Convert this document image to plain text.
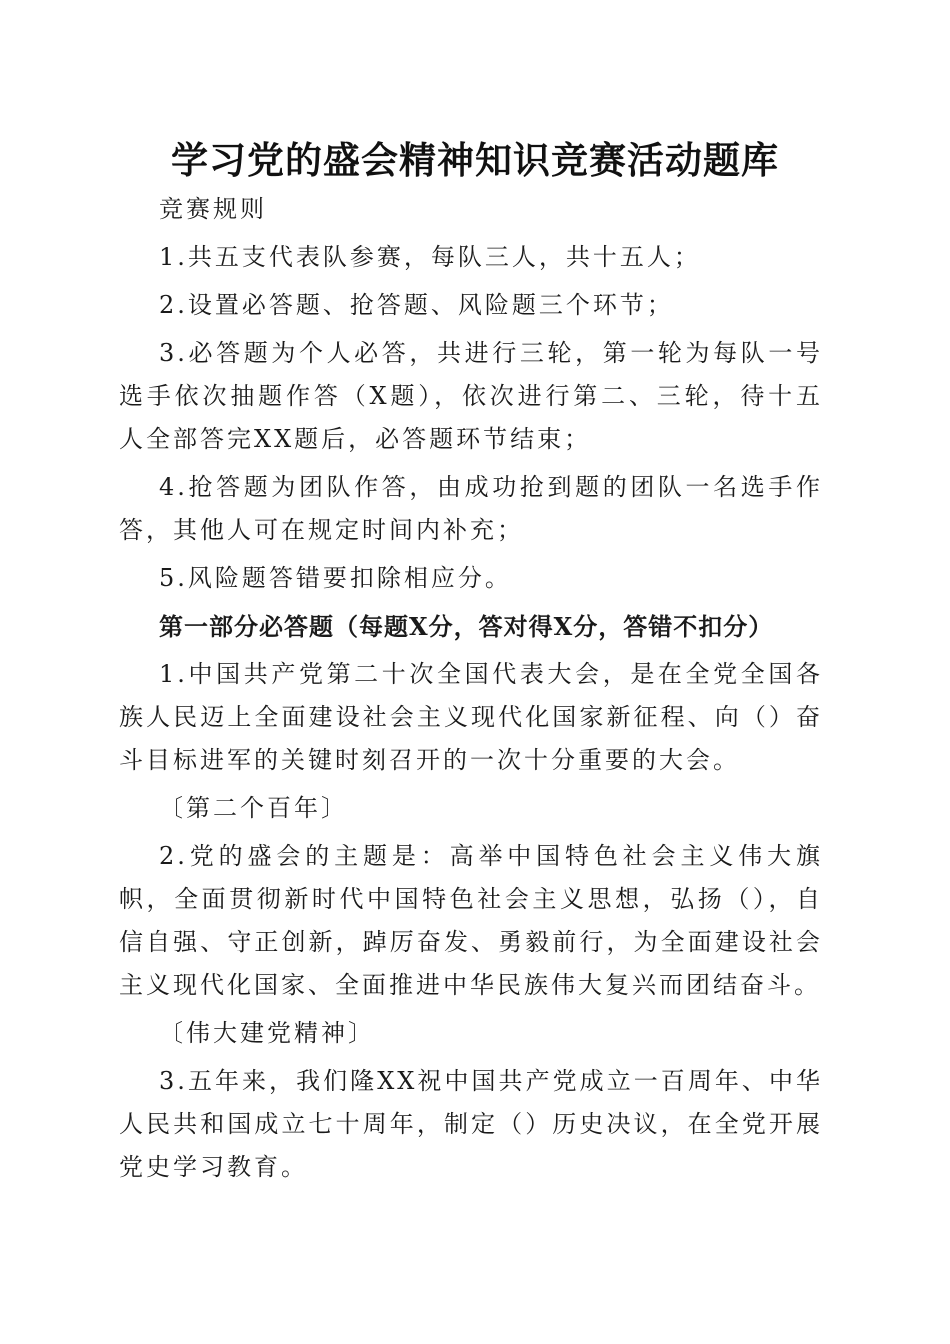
学习党的盛会精神知识竞赛活动题库

竞赛规则

1.共五支代表队参赛，每队三人，共十五人；

2.设置必答题、抢答题、风险题三个环节；

3.必答题为个人必答，共进行三轮，第一轮为每队一号选手依次抽题作答（X题），依次进行第二、三轮，待十五人全部答完XX题后，必答题环节结束；

4.抢答题为团队作答，由成功抢到题的团队一名选手作答，其他人可在规定时间内补充；

5.风险题答错要扣除相应分。

第一部分必答题（每题X分，答对得X分，答错不扣分）

1.中国共产党第二十次全国代表大会，是在全党全国各族人民迈上全面建设社会主义现代化国家新征程、向（）奋斗目标进军的关键时刻召开的一次十分重要的大会。

〔第二个百年〕

2.党的盛会的主题是：高举中国特色社会主义伟大旗帜，全面贯彻新时代中国特色社会主义思想，弘扬（），自信自强、守正创新，踔厉奋发、勇毅前行，为全面建设社会主义现代化国家、全面推进中华民族伟大复兴而团结奋斗。

〔伟大建党精神〕

3.五年来，我们隆XX祝中国共产党成立一百周年、中华人民共和国成立七十周年，制定（）历史决议，在全党开展党史学习教育。
